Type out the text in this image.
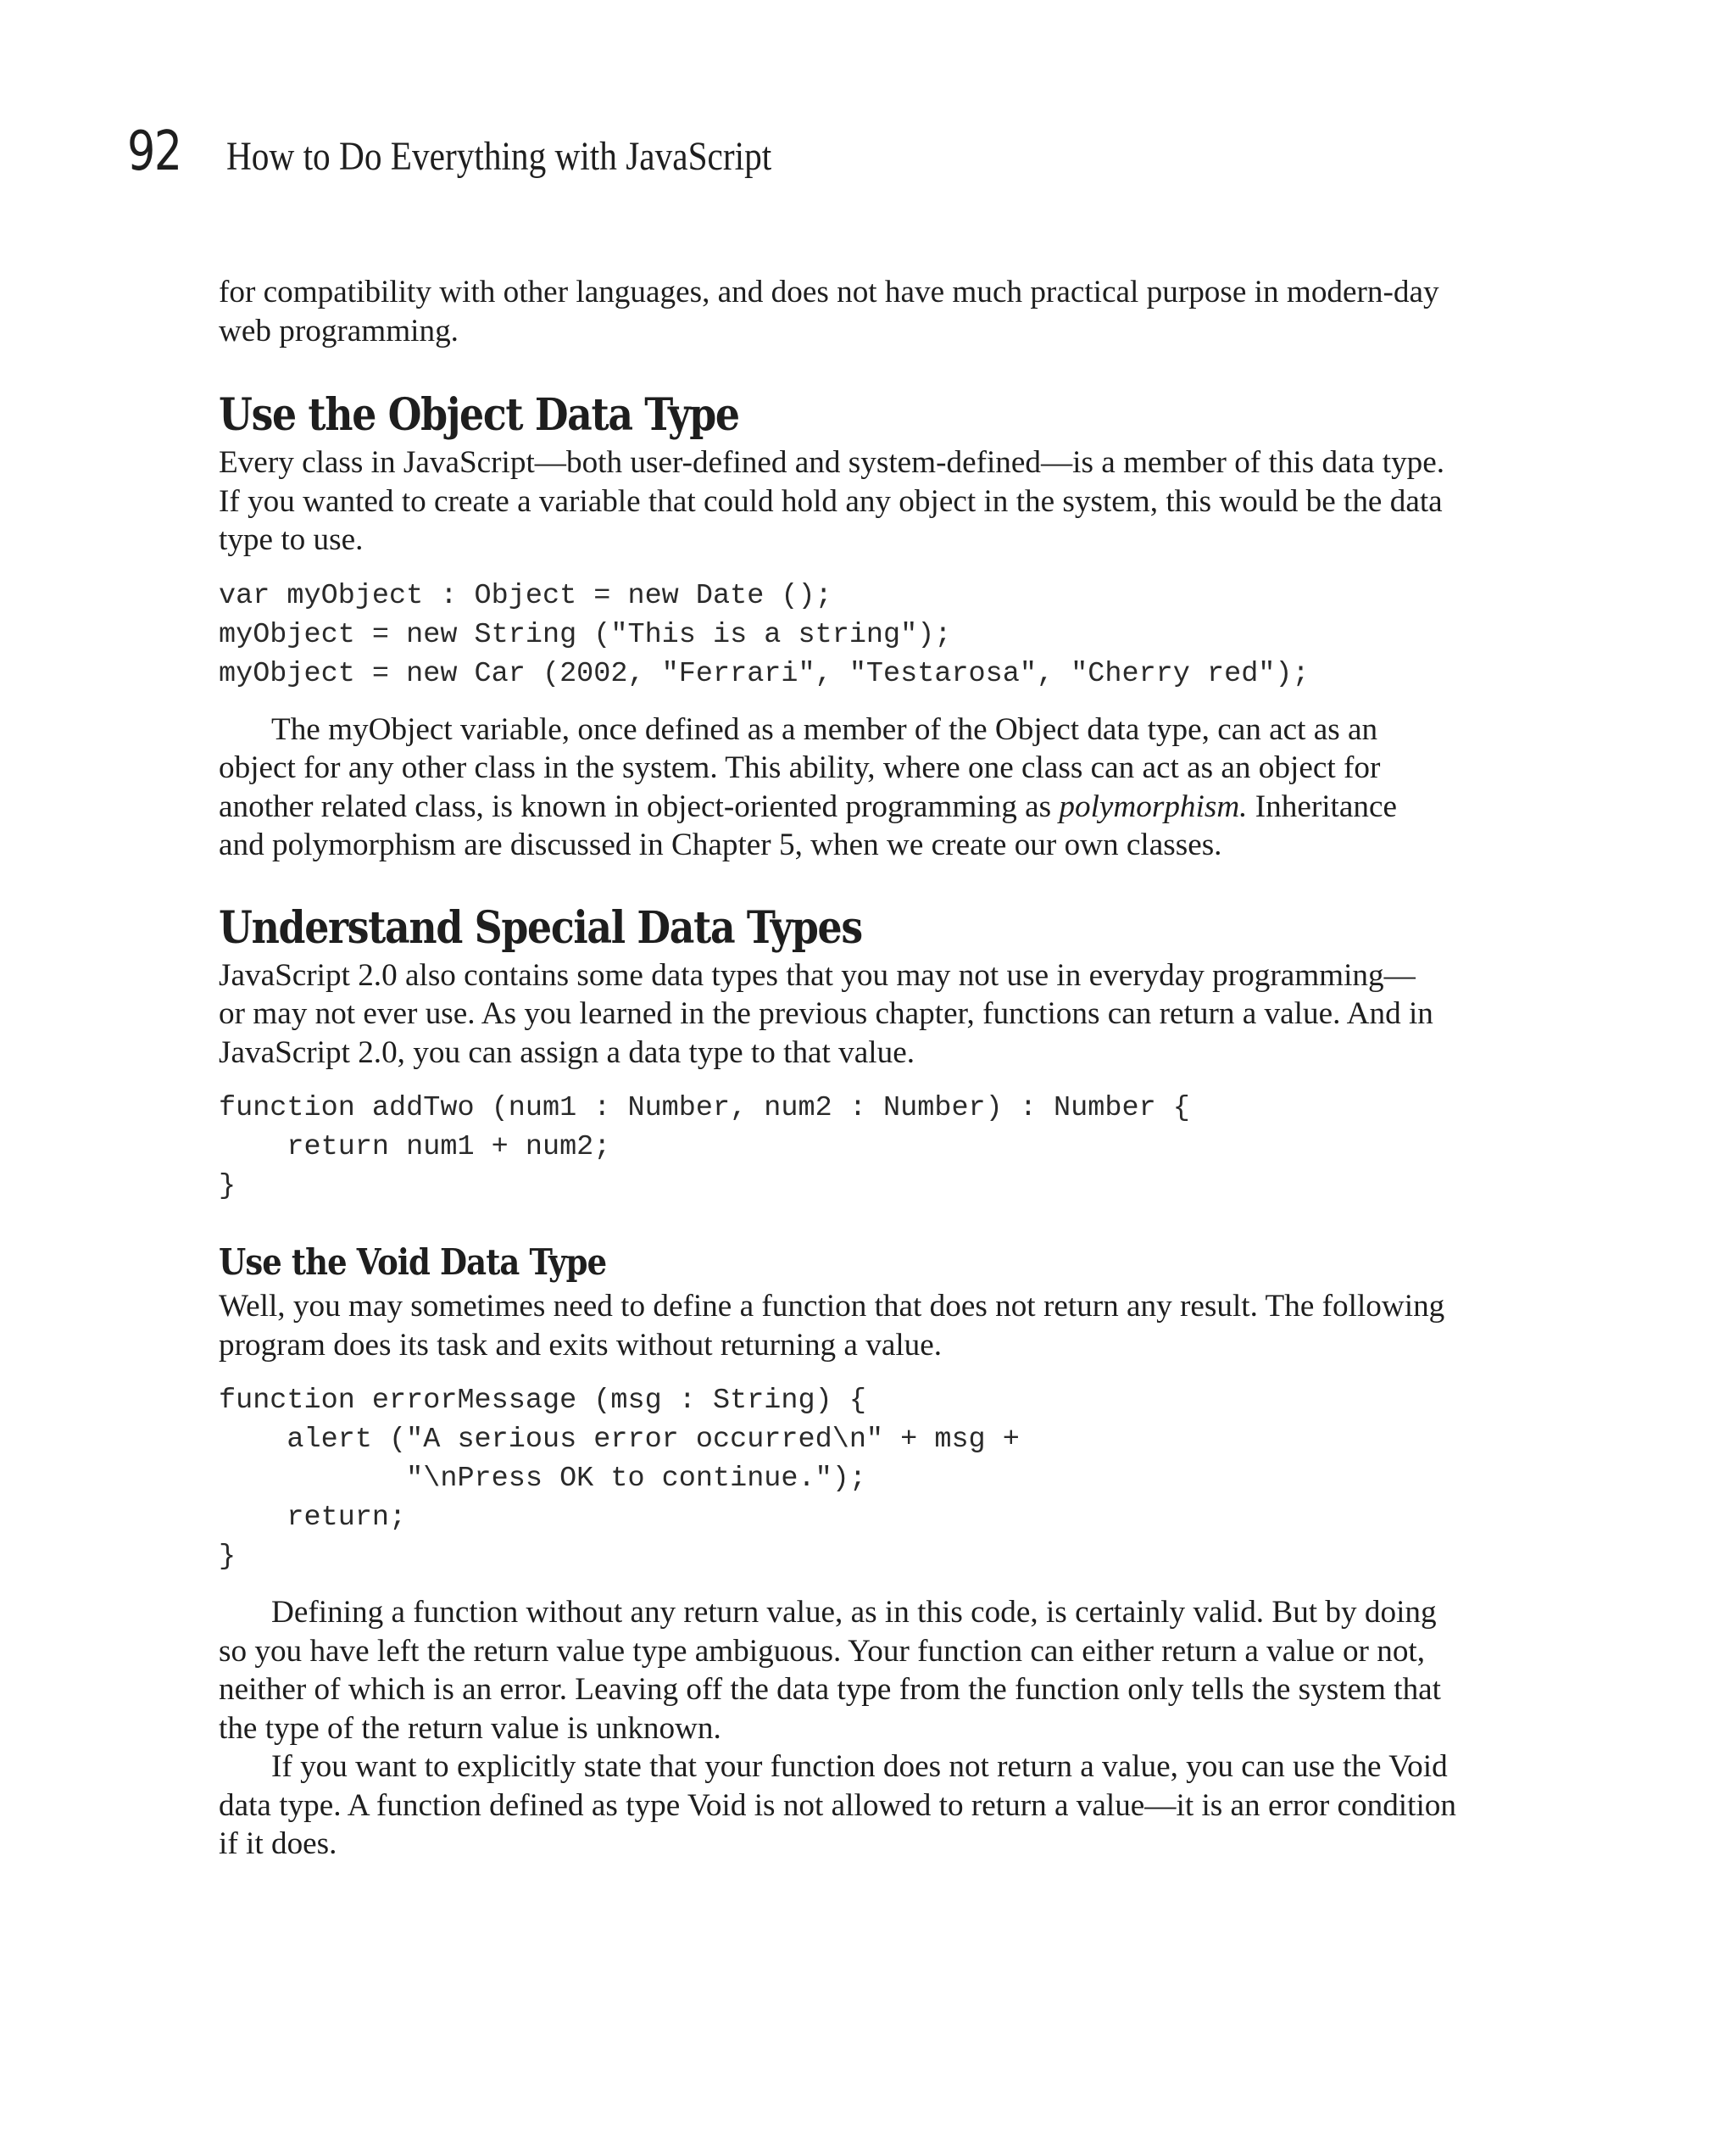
92 How to Do Everything with JavaScript

for compatibility with other languages, and does not have much practical purpose in modern-day
web programming.

Use the Object Data Type

Every class in JavaScript—both user-defined and system-defined—is a member of this data type.
If you wanted to create a variable that could hold any object in the system, this would be the data
type to use.

var myObject : Object = new Date ();
myObject = new String ("This is a string");
myObject = new Car (2002, "Ferrari", "Testarosa", "Cherry red");

The myObject variable, once defined as a member of the Object data type, can act as an
object for any other class in the system. This ability, where one class can act as an object for
another related class, is known in object-oriented programming as polymorphism. Inheritance
and polymorphism are discussed in Chapter 5, when we create our own classes.

Understand Special Data Types

JavaScript 2.0 also contains some data types that you may not use in everyday programming—
or may not ever use. As you learned in the previous chapter, functions can return a value. And in
JavaScript 2.0, you can assign a data type to that value.

function addTwo (num1 : Number, num2 : Number) : Number {
return num1 + num2;
}
Use the Void Data Type

Well, you may sometimes need to define a function that does not return any result. The following
program does its task and exits without returning a value.

function errorMessage (msg : String) {
alert ("A serious error occurred\n" + msg +
"\nPress OK to continue.");
return;
}

Defining a function without any return value, as in this code, is certainly valid. But by doing
so you have left the return value type ambiguous. Your function can either return a value or not,
neither of which is an error. Leaving off the data type from the function only tells the system that
the type of the return value is unknown.

If you want to explicitly state that your function does not return a value, you can use the Void
data type. A function defined as type Void is not allowed to return a value—it is an error condition
if it does.
